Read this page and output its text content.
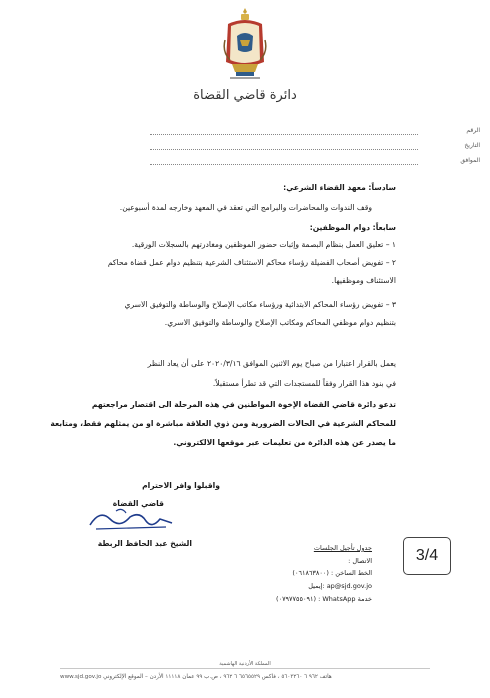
دائرة قاضي القضاة
الرقم
التاريخ
الموافق
سادساً: معهد القضاء الشرعي:
وقف الندوات والمحاضرات والبرامج التي تعقد في المعهد وخارجه لمدة أسبوعين.
سابعاً: دوام الموظفين:
١ – تعليق العمل بنظام البصمة وإثبات حضور الموظفين ومغادرتهم بالسجلات الورقية.
٢ – تفويض أصحاب الفضيلة رؤساء محاكم الاستئناف الشرعية بتنظيم دوام عمل قضاة محاكم
الاستئناف وموظفيها.
٣ – تفويض رؤساء المحاكم الابتدائية ورؤساء مكاتب الإصلاح والوساطة والتوفيق الاسري
بتنظيم دوام موظفي المحاكم ومكاتب الإصلاح والوساطة والتوفيق الاسري.
يعمل بالقرار اعتبارا من صباح يوم الاثنين الموافق ٢٠٢٠/٣/١٦ على أن يعاد النظر
في بنود هذا القرار وفقاً للمستجدات التي قد تطرأ مستقبلاً.
تدعو دائرة قاضي القضاة الإخوة المواطنين في هذه المرحلة الى اقتصار مراجعتهم
للمحاكم الشرعية في الحالات الضرورية ومن ذوي العلاقة مباشرة او من يمثلهم فقط، ومتابعة
ما يصدر عن هذه الدائرة من تعليمات عبر موقعها الالكتروني.
واقبلوا وافر الاحترام
قاضي القضاة
الشيخ عبد الحافظ الربطة
3/4
جدول تأجيل الجلسات
الاتصال :
الخط الساخن : (٠٦١٨٦٣٨٠٠)
ap@sjd.gov.jo :إيميل
خدمة WhatsApp : (٠٧٩٧٧٥٥٠٩١)
المملكة الأردنية الهاشمية
www.sjd.gov.jo هاتف ٩٦٢ ٦ ٥٦٠٣٢٦٠ ، فاكس ٦٥٦٥٥٢٩ ٦ ٩٦٢ ، ص.ب ٩٩ عمان ١١١١٨ الأردن – الموقع الإلكتروني
